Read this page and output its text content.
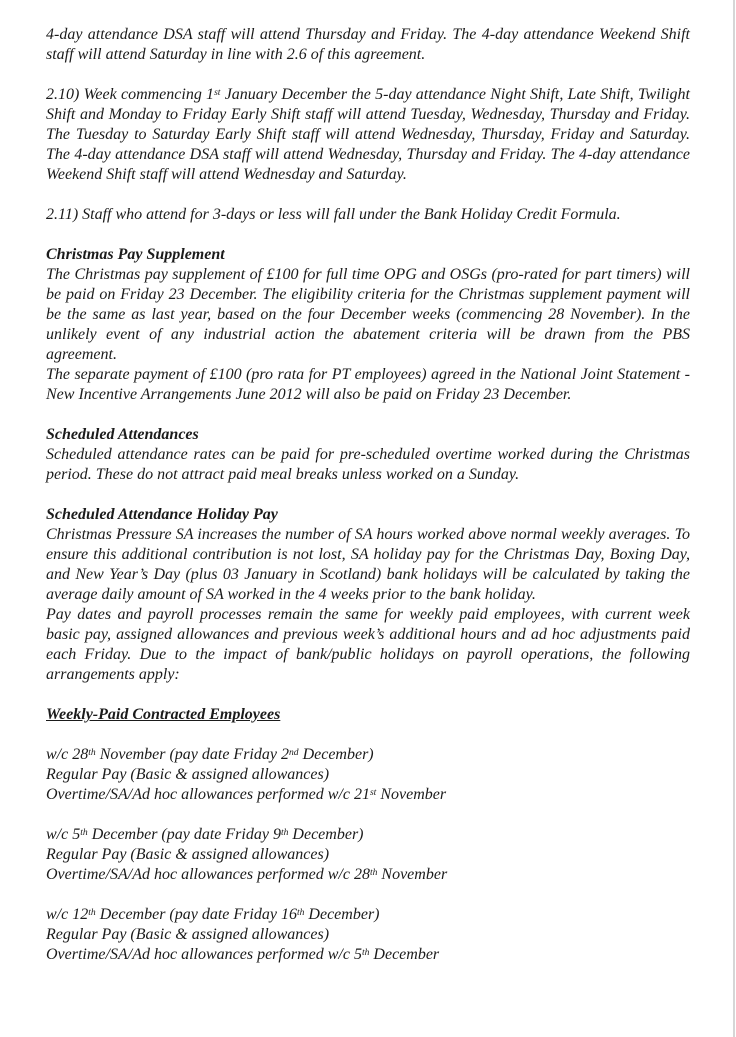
4-day attendance DSA staff will attend Thursday and Friday. The 4-day attendance Weekend Shift staff will attend Saturday in line with 2.6 of this agreement.

2.10) Week commencing 1st January December the 5-day attendance Night Shift, Late Shift, Twilight Shift and Monday to Friday Early Shift staff will attend Tuesday, Wednesday, Thursday and Friday. The Tuesday to Saturday Early Shift staff will attend Wednesday, Thursday, Friday and Saturday. The 4-day attendance DSA staff will attend Wednesday, Thursday and Friday. The 4-day attendance Weekend Shift staff will attend Wednesday and Saturday.

2.11) Staff who attend for 3-days or less will fall under the Bank Holiday Credit Formula.

Christmas Pay Supplement

The Christmas pay supplement of £100 for full time OPG and OSGs (pro-rated for part timers) will be paid on Friday 23 December. The eligibility criteria for the Christmas supplement payment will be the same as last year, based on the four December weeks (commencing 28 November). In the unlikely event of any industrial action the abatement criteria will be drawn from the PBS agreement.

The separate payment of £100 (pro rata for PT employees) agreed in the National Joint Statement - New Incentive Arrangements June 2012 will also be paid on Friday 23 December.

Scheduled Attendances

Scheduled attendance rates can be paid for pre-scheduled overtime worked during the Christmas period. These do not attract paid meal breaks unless worked on a Sunday.

Scheduled Attendance Holiday Pay

Christmas Pressure SA increases the number of SA hours worked above normal weekly averages. To ensure this additional contribution is not lost, SA holiday pay for the Christmas Day, Boxing Day, and New Year’s Day (plus 03 January in Scotland) bank holidays will be calculated by taking the average daily amount of SA worked in the 4 weeks prior to the bank holiday.

Pay dates and payroll processes remain the same for weekly paid employees, with current week basic pay, assigned allowances and previous week’s additional hours and ad hoc adjustments paid each Friday. Due to the impact of bank/public holidays on payroll operations, the following arrangements apply:

Weekly-Paid Contracted Employees

w/c 28th November (pay date Friday 2nd December)

Regular Pay (Basic & assigned allowances)

Overtime/SA/Ad hoc allowances performed w/c 21st November

w/c 5th December (pay date Friday 9th December)

Regular Pay (Basic & assigned allowances)

Overtime/SA/Ad hoc allowances performed w/c 28th November

w/c 12th December (pay date Friday 16th December)

Regular Pay (Basic & assigned allowances)

Overtime/SA/Ad hoc allowances performed w/c 5th December
